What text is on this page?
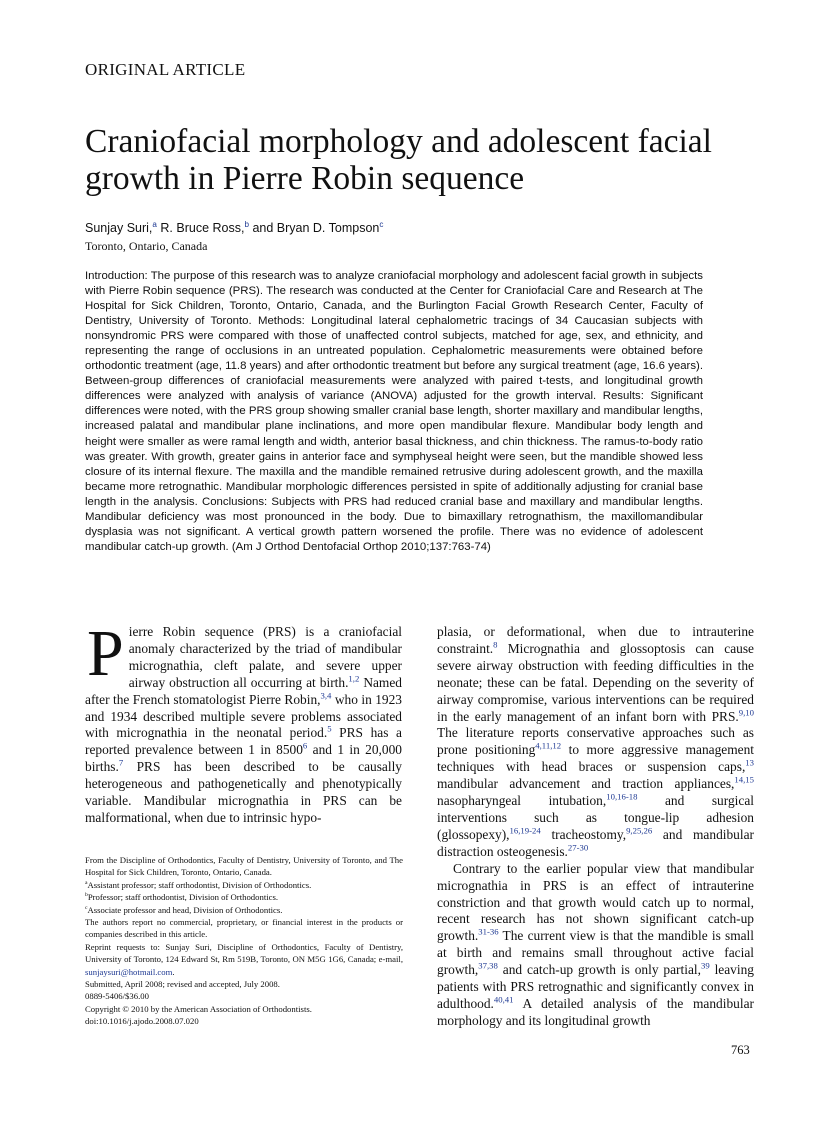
ORIGINAL ARTICLE
Craniofacial morphology and adolescent facial growth in Pierre Robin sequence
Sunjay Suri,$^a$ R. Bruce Ross,$^b$ and Bryan D. Tompson$^c$
Toronto, Ontario, Canada

Introduction: The purpose of this research was to analyze craniofacial morphology and adolescent facial growth in subjects with Pierre Robin sequence (PRS). The research was conducted at the Center for Craniofacial Care and Research at The Hospital for Sick Children, Toronto, Ontario, Canada, and the Burlington Facial Growth Research Center, Faculty of Dentistry, University of Toronto. Methods: Longitudinal lateral cephalometric tracings of 34 Caucasian subjects with nonsyndromic PRS were compared with those of unaffected control subjects, matched for age, sex, and ethnicity, and representing the range of occlusions in an untreated population. Cephalometric measurements were obtained before orthodontic treatment (age, 11.8 years) and after orthodontic treatment but before any surgical treatment (age, 16.6 years). Between-group differences of craniofacial measurements were analyzed with paired t-tests, and longitudinal growth differences were analyzed with analysis of variance (ANOVA) adjusted for the growth interval. Results: Significant differences were noted, with the PRS group showing smaller cranial base length, shorter maxillary and mandibular lengths, increased palatal and mandibular plane inclinations, and more open mandibular flexure. Mandibular body length and height were smaller as were ramal length and width, anterior basal thickness, and chin thickness. The ramus-to-body ratio was greater. With growth, greater gains in anterior face and symphyseal height were seen, but the mandible showed less closure of its internal flexure. The maxilla and the mandible remained retrusive during adolescent growth, and the maxilla became more retrognathic. Mandibular morphologic differences persisted in spite of additionally adjusting for cranial base length in the analysis. Conclusions: Subjects with PRS had reduced cranial base and maxillary and mandibular lengths. Mandibular deficiency was most pronounced in the body. Due to bimaxillary retrognathism, the maxillomandibular dysplasia was not significant. A vertical growth pattern worsened the profile. There was no evidence of adolescent mandibular catch-up growth. (Am J Orthod Dentofacial Orthop 2010;137:763-74)

Pierre Robin sequence (PRS) is a craniofacial anomaly characterized by the triad of mandibular micrognathia, cleft palate, and severe upper airway obstruction all occurring at birth.$^{1,2}$ Named after the French stomatologist Pierre Robin,$^{3,4}$ who in 1923 and 1934 described multiple severe problems associated with micrognathia in the neonatal period.$^5$ PRS has a reported prevalence between 1 in 8500$^6$ and 1 in 20,000 births.$^7$ PRS has been described to be causally heterogeneous and pathogenetically and phenotypically variable. Mandibular micrognathia in PRS can be malformational, when due to intrinsic hypo-

plasia, or deformational, when due to intrauterine constraint.$^8$ Micrognathia and glossoptosis can cause severe airway obstruction with feeding difficulties in the neonate; these can be fatal. Depending on the severity of airway compromise, various interventions can be required in the early management of an infant born with PRS.$^{9,10}$ The literature reports conservative approaches such as prone positioning$^{4,11,12}$ to more aggressive management techniques with head braces or suspension caps,$^{13}$ mandibular advancement and traction appliances,$^{14,15}$ nasopharyngeal intubation,$^{10,16-18}$ and surgical interventions such as tongue-lip adhesion (glossopexy),$^{16,19-24}$ tracheostomy,$^{9,25,26}$ and mandibular distraction osteogenesis.$^{27-30}$

Contrary to the earlier popular view that mandibular micrognathia in PRS is an effect of intrauterine constriction and that growth would catch up to normal, recent research has not shown significant catch-up growth.$^{31-36}$ The current view is that the mandible is small at birth and remains small throughout active facial growth,$^{37,38}$ and catch-up growth is only partial,$^{39}$ leaving patients with PRS retrognathic and significantly convex in adulthood.$^{40,41}$ A detailed analysis of the mandibular morphology and its longitudinal growth

From the Discipline of Orthodontics, Faculty of Dentistry, University of Toronto, and The Hospital for Sick Children, Toronto, Ontario, Canada.
$^a$Assistant professor; staff orthodontist, Division of Orthodontics.
$^b$Professor; staff orthodontist, Division of Orthodontics.
$^c$Associate professor and head, Division of Orthodontics.
The authors report no commercial, proprietary, or financial interest in the products or companies described in this article.
Reprint requests to: Sunjay Suri, Discipline of Orthodontics, Faculty of Dentistry, University of Toronto, 124 Edward St, Rm 519B, Toronto, ON M5G 1G6, Canada; e-mail, sunjaysuri@hotmail.com.
Submitted, April 2008; revised and accepted, July 2008.
0889-5406/$36.00
Copyright © 2010 by the American Association of Orthodontists.
doi:10.1016/j.ajodo.2008.07.020
763
